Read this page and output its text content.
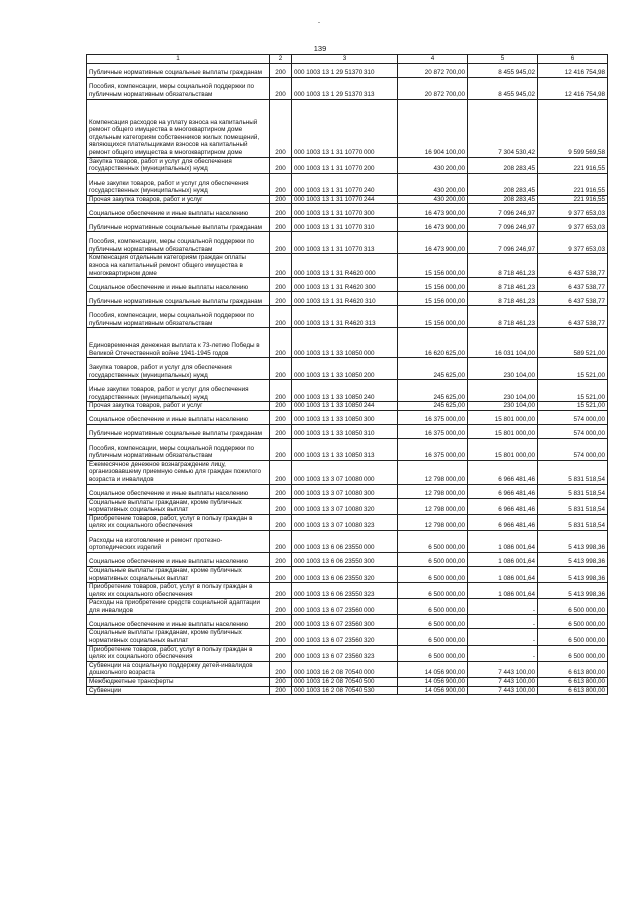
-
139
1	2	3	4	5	6
Публичные нормативные социальные выплаты гражданам	200	000 1003 13 1 29 51370 310	20 872 700,00	8 455 945,02	12 416 754,98
Пособия, компенсации, меры социальной поддержки по публичным нормативным обязательствам	200	000 1003 13 1 29 51370 313	20 872 700,00	8 455 945,02	12 416 754,98
Компенсация расходов на уплату взноса на капитальный ремонт общего имущества в многоквартирном доме отдельным категориям собственников жилых помещений, являющихся плательщиками взносов на капитальный ремонт общего имущества в многоквартирном доме	200	000 1003 13 1 31 10770 000	16 904 100,00	7 304 530,42	9 599 569,58
Закупка товаров, работ и услуг для обеспечения государственных (муниципальных) нужд	200	000 1003 13 1 31 10770 200	430 200,00	208 283,45	221 916,55
Иные закупки товаров, работ и услуг для обеспечения государственных (муниципальных) нужд	200	000 1003 13 1 31 10770 240	430 200,00	208 283,45	221 916,55
Прочая закупка товаров, работ и услуг	200	000 1003 13 1 31 10770 244	430 200,00	208 283,45	221 916,55
Социальное обеспечение и иные выплаты населению	200	000 1003 13 1 31 10770 300	16 473 900,00	7 096 246,97	9 377 653,03
Публичные нормативные социальные выплаты гражданам	200	000 1003 13 1 31 10770 310	16 473 900,00	7 096 246,97	9 377 653,03
Пособия, компенсации, меры социальной поддержки по публичным нормативным обязательствам	200	000 1003 13 1 31 10770 313	16 473 900,00	7 096 246,97	9 377 653,03
Компенсация отдельным категориям граждан оплаты взноса на капитальный ремонт общего имущества в многоквартирном доме	200	000 1003 13 1 31 R4620 000	15 156 000,00	8 718 461,23	6 437 538,77
Социальное обеспечение и иные выплаты населению	200	000 1003 13 1 31 R4620 300	15 156 000,00	8 718 461,23	6 437 538,77
Публичные нормативные социальные выплаты гражданам	200	000 1003 13 1 31 R4620 310	15 156 000,00	8 718 461,23	6 437 538,77
Пособия, компенсации, меры социальной поддержки по публичным нормативным обязательствам	200	000 1003 13 1 31 R4620 313	15 156 000,00	8 718 461,23	6 437 538,77
Единовременная денежная выплата к 73-летию Победы в Великой Отечественной войне 1941-1945 годов	200	000 1003 13 1 33 10850 000	16 620 625,00	16 031 104,00	589 521,00
Закупка товаров, работ и услуг для обеспечения государственных (муниципальных) нужд	200	000 1003 13 1 33 10850 200	245 625,00	230 104,00	15 521,00
Иные закупки товаров, работ и услуг для обеспечения государственных (муниципальных) нужд	200	000 1003 13 1 33 10850 240	245 625,00	230 104,00	15 521,00
Прочая закупка товаров, работ и услуг	200	000 1003 13 1 33 10850 244	245 625,00	230 104,00	15 521,00
Социальное обеспечение и иные выплаты населению	200	000 1003 13 1 33 10850 300	16 375 000,00	15 801 000,00	574 000,00
Публичные нормативные социальные выплаты гражданам	200	000 1003 13 1 33 10850 310	16 375 000,00	15 801 000,00	574 000,00
Пособия, компенсации, меры социальной поддержки по публичным нормативным обязательствам	200	000 1003 13 1 33 10850 313	16 375 000,00	15 801 000,00	574 000,00
Ежемесячное денежное вознаграждение лицу, организовавшему приемную семью для граждан пожилого возраста и инвалидов	200	000 1003 13 3 07 10080 000	12 798 000,00	6 966 481,46	5 831 518,54
Социальное обеспечение и иные выплаты населению	200	000 1003 13 3 07 10080 300	12 798 000,00	6 966 481,46	5 831 518,54
Социальные выплаты гражданам, кроме публичных нормативных социальных выплат	200	000 1003 13 3 07 10080 320	12 798 000,00	6 966 481,46	5 831 518,54
Приобретение товаров, работ, услуг в пользу граждан в целях их социального обеспечения	200	000 1003 13 3 07 10080 323	12 798 000,00	6 966 481,46	5 831 518,54
Расходы на изготовление и ремонт протезно-ортопедических изделий	200	000 1003 13 6 06 23550 000	6 500 000,00	1 086 001,64	5 413 998,36
Социальное обеспечение и иные выплаты населению	200	000 1003 13 6 06 23550 300	6 500 000,00	1 086 001,64	5 413 998,36
Социальные выплаты гражданам, кроме публичных нормативных социальных выплат	200	000 1003 13 6 06 23550 320	6 500 000,00	1 086 001,64	5 413 998,36
Приобретение товаров, работ, услуг в пользу граждан в целях их социального обеспечения	200	000 1003 13 6 06 23550 323	6 500 000,00	1 086 001,64	5 413 998,36
Расходы на приобретение средств социальной адаптации для инвалидов	200	000 1003 13 6 07 23560 000	6 500 000,00	-	6 500 000,00
Социальное обеспечение и иные выплаты населению	200	000 1003 13 6 07 23560 300	6 500 000,00	-	6 500 000,00
Социальные выплаты гражданам, кроме публичных нормативных социальных выплат	200	000 1003 13 6 07 23560 320	6 500 000,00	-	6 500 000,00
Приобретение товаров, работ, услуг в пользу граждан в целях их социального обеспечения	200	000 1003 13 6 07 23560 323	6 500 000,00	-	6 500 000,00
Субвенции на социальную поддержку детей-инвалидов дошкольного возраста	200	000 1003 16 2 08 70540 000	14 056 900,00	7 443 100,00	6 613 800,00
Межбюджетные трансферты	200	000 1003 16 2 08 70540 500	14 056 900,00	7 443 100,00	6 613 800,00
Субвенции	200	000 1003 16 2 08 70540 530	14 056 900,00	7 443 100,00	6 613 800,00
